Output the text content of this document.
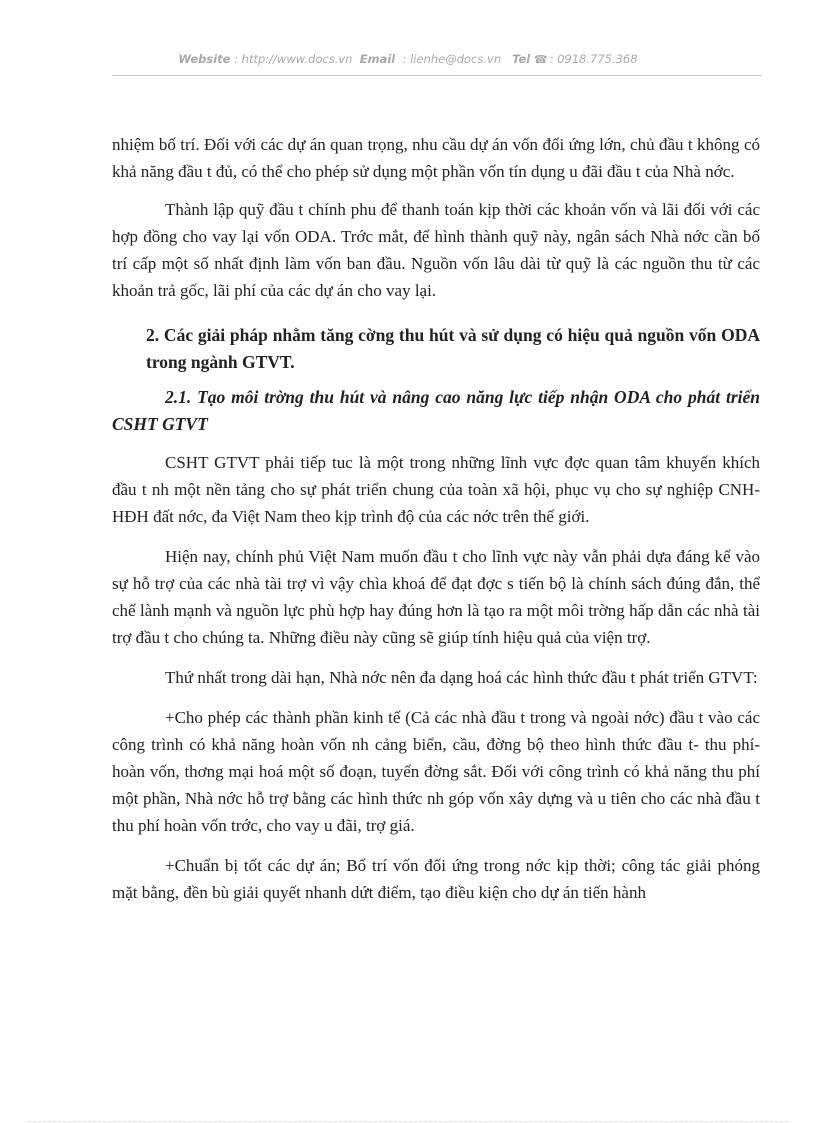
Website : http://www.docs.vn Email : lienhe@docs.vn Tel ☎ : 0918.775.368

nhiệm bố trí. Đối với các dự án quan trọng, nhu cầu dự án vốn đối ứng lớn, chủ đầu t không có khả năng đầu t đủ, có thể cho phép sử dụng một phần vốn tín dụng u đãi đầu t của Nhà nớc.

Thành lập quỹ đầu t chính phu để thanh toán kịp thời các khoản vốn và lãi đối với các hợp đồng cho vay lại vốn ODA. Trớc mắt, để hình thành quỹ này, ngân sách Nhà nớc cần bố trí cấp một số nhất định làm vốn ban đầu. Nguồn vốn lâu dài từ quỹ là các nguồn thu từ các khoản trả gốc, lãi phí của các dự án cho vay lại.

2. Các giải pháp nhằm tăng cờng thu hút và sử dụng có hiệu quả nguồn vốn ODA trong ngành GTVT.
2.1. Tạo môi trờng thu hút và nâng cao năng lực tiếp nhận ODA cho phát triển CSHT GTVT

CSHT GTVT phải tiếp tuc là một trong những lĩnh vực đợc quan tâm khuyến khích đầu t nh một nền tảng cho sự phát triển chung của toàn xã hội, phục vụ cho sự nghiệp CNH- HĐH đất nớc, đa Việt Nam theo kịp trình độ của các nớc trên thế giới.

Hiện nay, chính phủ Việt Nam muốn đầu t cho lĩnh vực này vẫn phải dựa đáng kể vào sự hỗ trợ của các nhà tài trợ vì vậy chìa khoá để đạt đợc s tiến bộ là chính sách đúng đắn, thể chế lành mạnh và nguồn lực phù hợp hay đúng hơn là tạo ra một môi trờng hấp dẫn các nhà tài trợ đầu t cho chúng ta. Những điều này cũng sẽ giúp tính hiệu quả của viện trợ.

Thứ nhất trong dài hạn, Nhà nớc nên đa dạng hoá các hình thức đầu t phát triển GTVT:

+Cho phép các thành phần kinh tế (Cả các nhà đầu t trong và ngoài nớc) đầu t vào các công trình có khả năng hoàn vốn nh cảng biển, cầu, đờng bộ theo hình thức đầu t- thu phí- hoàn vốn, thơng mại hoá một số đoạn, tuyến đờng sắt. Đối với công trình có khả năng thu phí một phần, Nhà nớc hỗ trợ bằng các hình thức nh góp vốn xây dựng và u tiên cho các nhà đầu t thu phí hoàn vốn trớc, cho vay u đãi, trợ giá.

+Chuẩn bị tốt các dự án; Bố trí vốn đối ứng trong nớc kịp thời; công tác giải phóng mặt bằng, đền bù giải quyết nhanh dứt điểm, tạo điều kiện cho dự án tiến hành
